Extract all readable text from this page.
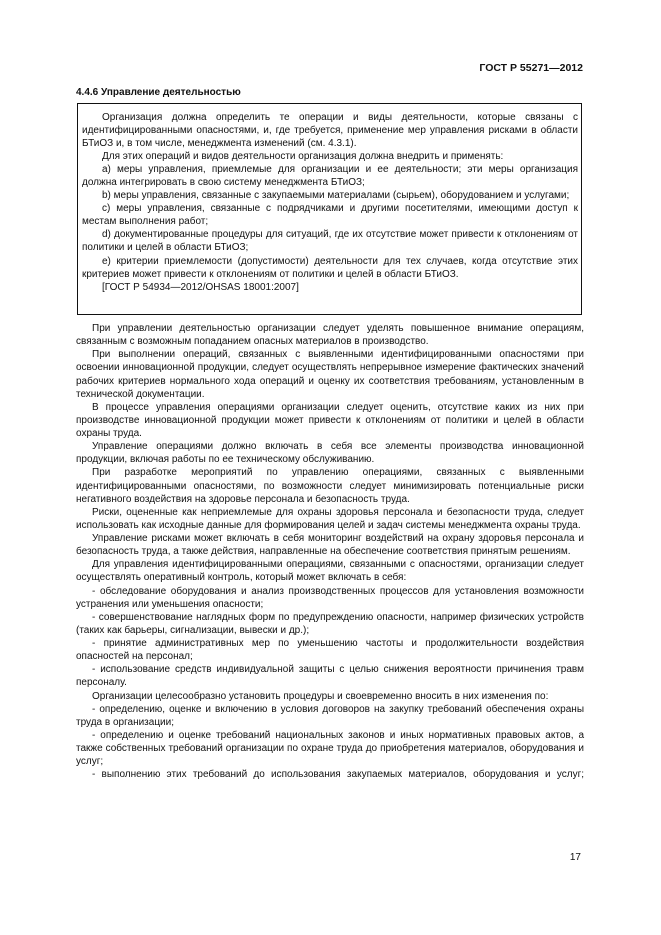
ГОСТ Р 55271—2012
4.4.6 Управление деятельностью

Организация должна определить те операции и виды деятельности, которые связаны с идентифицированными опасностями, и, где требуется, применение мер управления рисками в области БТиОЗ и, в том числе, менеджмента изменений (см. 4.3.1).

Для этих операций и видов деятельности организация должна внедрить и применять:

a) меры управления, приемлемые для организации и ее деятельности; эти меры организация должна интегрировать в свою систему менеджмента БТиОЗ;

b) меры управления, связанные с закупаемыми материалами (сырьем), оборудованием и услугами;

c) меры управления, связанные с подрядчиками и другими посетителями, имеющими доступ к местам выполнения работ;

d) документированные процедуры для ситуаций, где их отсутствие может привести к отклонениям от политики и целей в области БТиОЗ;

e) критерии приемлемости (допустимости) деятельности для тех случаев, когда отсутствие этих критериев может привести к отклонениям от политики и целей в области БТиОЗ.

[ГОСТ Р 54934—2012/OHSAS 18001:2007]

При управлении деятельностью организации следует уделять повышенное внимание операциям, связанным с возможным попаданием опасных материалов в производство.

При выполнении операций, связанных с выявленными идентифицированными опасностями при освоении инновационной продукции, следует осуществлять непрерывное измерение фактических значений рабочих критериев нормального хода операций и оценку их соответствия требованиям, установленным в технической документации.

В процессе управления операциями организации следует оценить, отсутствие каких из них при производстве инновационной продукции может привести к отклонениям от политики и целей в области охраны труда.

Управление операциями должно включать в себя все элементы производства инновационной продукции, включая работы по ее техническому обслуживанию.

При разработке мероприятий по управлению операциями, связанных с выявленными идентифицированными опасностями, по возможности следует минимизировать потенциальные риски негативного воздействия на здоровье персонала и безопасность труда.

Риски, оцененные как неприемлемые для охраны здоровья персонала и безопасности труда, следует использовать как исходные данные для формирования целей и задач системы менеджмента охраны труда.

Управление рисками может включать в себя мониторинг воздействий на охрану здоровья персонала и безопасность труда, а также действия, направленные на обеспечение соответствия принятым решениям.

Для управления идентифицированными операциями, связанными с опасностями, организации следует осуществлять оперативный контроль, который может включать в себя:

- обследование оборудования и анализ производственных процессов для установления возможности устранения или уменьшения опасности;

- совершенствование наглядных форм по предупреждению опасности, например физических устройств (таких как барьеры, сигнализации, вывески и др.);

- принятие административных мер по уменьшению частоты и продолжительности воздействия опасностей на персонал;

- использование средств индивидуальной защиты с целью снижения вероятности причинения травм персоналу.

Организации целесообразно установить процедуры и своевременно вносить в них изменения по:

- определению, оценке и включению в условия договоров на закупку требований обеспечения охраны труда в организации;

- определению и оценке требований национальных законов и иных нормативных правовых актов, а также собственных требований организации по охране труда до приобретения материалов, оборудования и услуг;

- выполнению этих требований до использования закупаемых материалов, оборудования и услуг;

17
